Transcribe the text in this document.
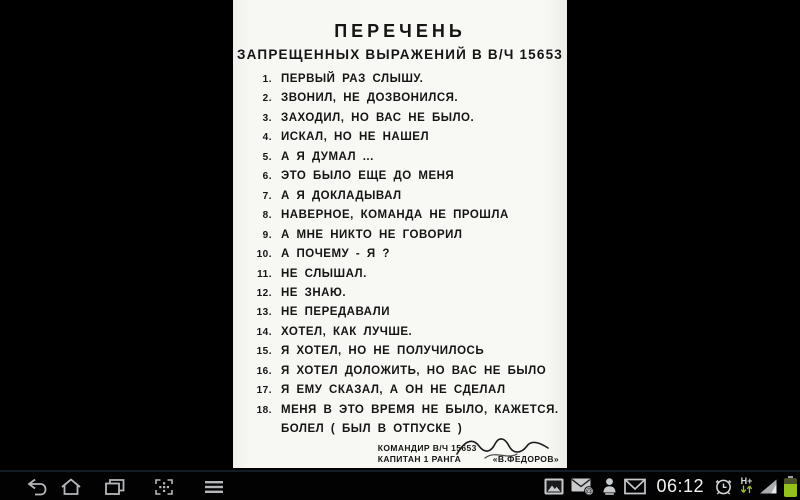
ПЕРЕЧЕНЬ
ЗАПРЕЩЕННЫХ ВЫРАЖЕНИЙ В В/Ч 15653
1. ПЕРВЫЙ РАЗ СЛЫШУ.
2. ЗВОНИЛ, НЕ ДОЗВОНИЛСЯ.
3. ЗАХОДИЛ, НО ВАС НЕ БЫЛО.
4. ИСКАЛ, НО НЕ НАШЕЛ
5. А Я ДУМАЛ ...
6. ЭТО БЫЛО ЕЩЕ ДО МЕНЯ
7. А Я ДОКЛАДЫВАЛ
8. НАВЕРНОЕ, КОМАНДА НЕ ПРОШЛА
9. А МНЕ НИКТО НЕ ГОВОРИЛ
10. А ПОЧЕМУ - Я ?
11. НЕ СЛЫШАЛ.
12. НЕ ЗНАЮ.
13. НЕ ПЕРЕДАВАЛИ
14. ХОТЕЛ, КАК ЛУЧШЕ.
15. Я ХОТЕЛ, НО НЕ ПОЛУЧИЛОСЬ
16. Я ХОТЕЛ ДОЛОЖИТЬ, НО ВАС НЕ БЫЛО
17. Я ЕМУ СКАЗАЛ, А ОН НЕ СДЕЛАЛ
18. МЕНЯ В ЭТО ВРЕМЯ НЕ БЫЛО, КАЖЕТСЯ. БОЛЕЛ ( БЫЛ В ОТПУСКЕ )
КОМАНДИР В/Ч 15653
КАПИТАН 1 РАНГА	«В.ФЕДОРОВ»
@	06:12	H+
